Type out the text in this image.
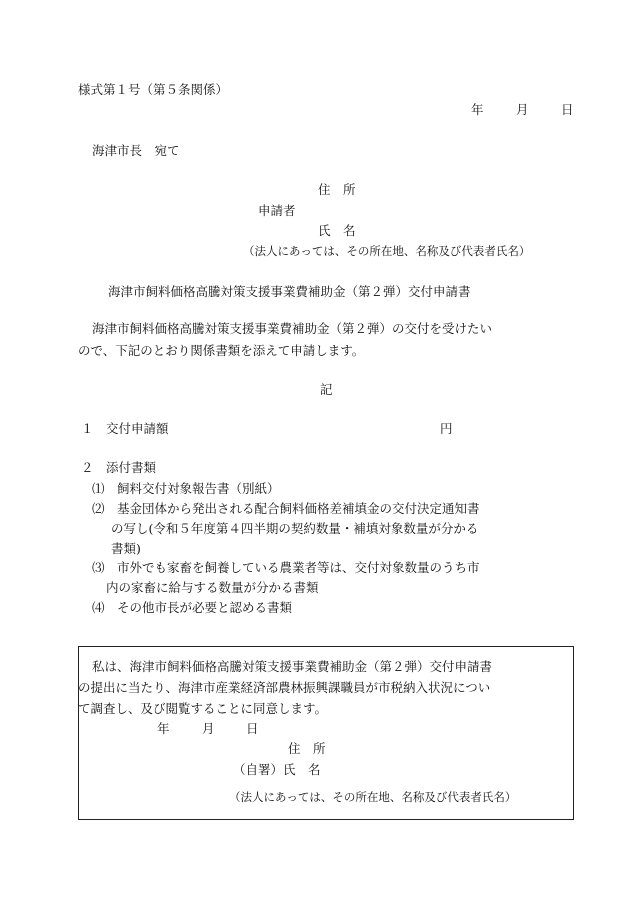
様式第１号（第５条関係）
年	月	日
海津市長　宛て
住　所
申請者
氏　名
（法人にあっては、その所在地、名称及び代表者氏名）
海津市飼料価格高騰対策支援事業費補助金（第２弾）交付申請書
海津市飼料価格高騰対策支援事業費補助金（第２弾）の交付を受けたい
ので、下記のとおり関係書類を添えて申請します。
記
１　交付申請額	円
２　添付書類
⑴　飼料交付対象報告書（別紙）
⑵　基金団体から発出される配合飼料価格差補填金の交付決定通知書
の写し(令和５年度第４四半期の契約数量・補填対象数量が分かる
書類)
⑶　市外でも家畜を飼養している農業者等は、交付対象数量のうち市
内の家畜に給与する数量が分かる書類
⑷　その他市長が必要と認める書類
私は、海津市飼料価格高騰対策支援事業費補助金（第２弾）交付申請書
の提出に当たり、海津市産業経済部農林振興課職員が市税納入状況につい
て調査し、及び閲覧することに同意します。
年	月	日
住　所
（自署）氏　名
（法人にあっては、その所在地、名称及び代表者氏名）
